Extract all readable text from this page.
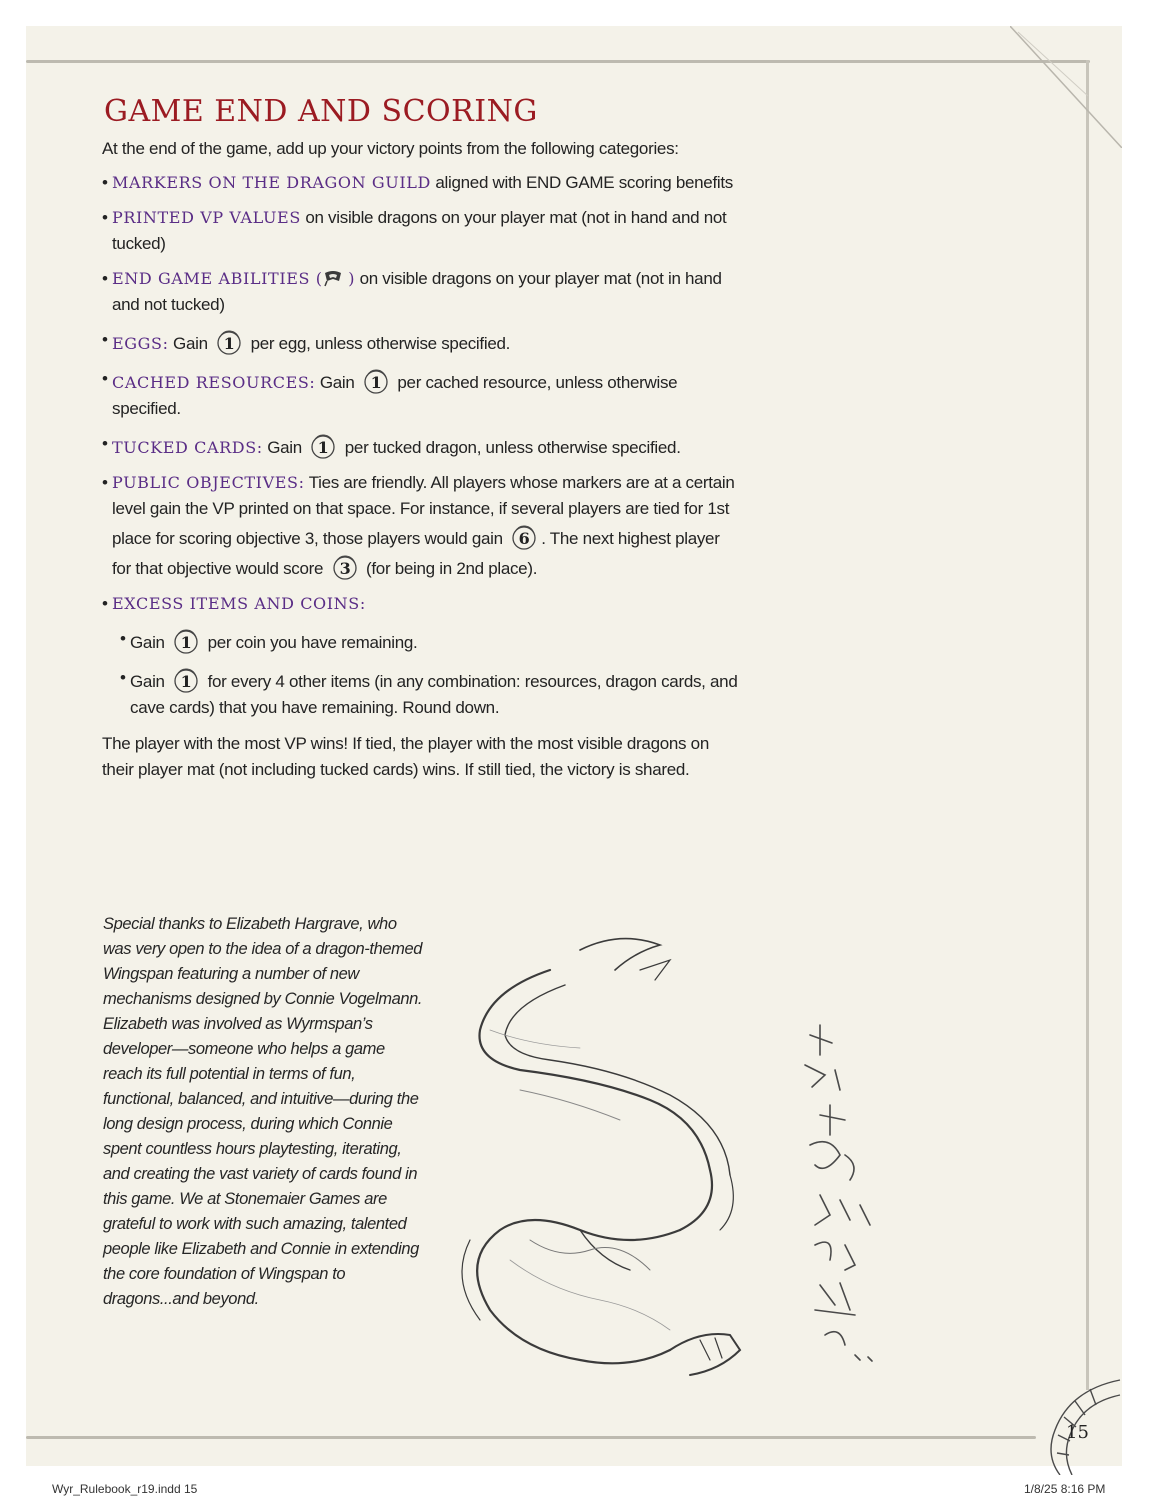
GAME END AND SCORING
At the end of the game, add up your victory points from the following categories:
• MARKERS ON THE DRAGON GUILD aligned with END GAME scoring benefits
• PRINTED VP VALUES on visible dragons on your player mat (not in hand and not tucked)
• END GAME ABILITIES ( ) on visible dragons on your player mat (not in hand and not tucked)
• EGGS: Gain 1 per egg, unless otherwise specified.
• CACHED RESOURCES: Gain 1 per cached resource, unless otherwise specified.
• TUCKED CARDS: Gain 1 per tucked dragon, unless otherwise specified.
• PUBLIC OBJECTIVES: Ties are friendly. All players whose markers are at a certain level gain the VP printed on that space. For instance, if several players are tied for 1st place for scoring objective 3, those players would gain 6 . The next highest player for that objective would score 3 (for being in 2nd place).
• EXCESS ITEMS AND COINS:
• Gain 1 per coin you have remaining.
• Gain 1 for every 4 other items (in any combination: resources, dragon cards, and cave cards) that you have remaining. Round down.
The player with the most VP wins! If tied, the player with the most visible dragons on their player mat (not including tucked cards) wins. If still tied, the victory is shared.
Special thanks to Elizabeth Hargrave, who was very open to the idea of a dragon-themed Wingspan featuring a number of new mechanisms designed by Connie Vogelmann. Elizabeth was involved as Wyrmspan’s developer—someone who helps a game reach its full potential in terms of fun, functional, balanced, and intuitive—during the long design process, during which Connie spent countless hours playtesting, iterating, and creating the vast variety of cards found in this game. We at Stonemaier Games are grateful to work with such amazing, talented people like Elizabeth and Connie in extending the core foundation of Wingspan to dragons...and beyond.
15
Wyr_Rulebook_r19.indd 15	1/8/25 8:16 PM
